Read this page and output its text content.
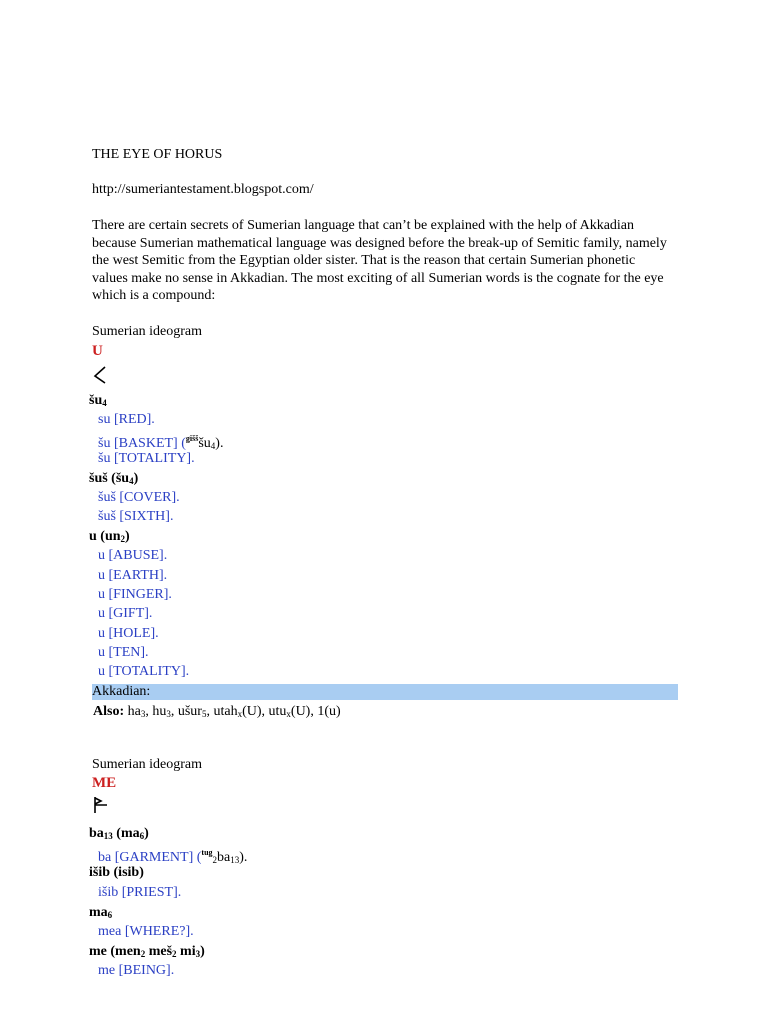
THE EYE OF HORUS
http://sumeriantestament.blogspot.com/
There are certain secrets of Sumerian language that can’t be explained with the help of Akkadian because Sumerian mathematical language was designed before the break-up of Semitic family, namely the west Semitic from the Egyptian older sister. That is the reason that certain Sumerian phonetic values make no sense in Akkadian. The most exciting of all Sumerian words is the cognate for the eye which is a compound:
Sumerian ideogram
U
$šu_4$
su [RED].
šu [BASKET] $(^{gišš}šu_4)$.
šu [TOTALITY].
šuš $(šu_4)$
šuš [COVER].
šuš [SIXTH].
u $(un_2)$
u [ABUSE].
u [EARTH].
u [FINGER].
u [GIFT].
u [HOLE].
u [TEN].
u [TOTALITY].
Akkadian:
Also: $ha_3$, $hu_3$, ušur$_5$, utah$_x$(U), utu$_x$(U), 1(u)
Sumerian ideogram
ME
$ba_{13}$ $(ma_6)$
ba [GARMENT] $(^{tug}_2ba_{13})$.
išib (isib)
išib [PRIEST].
$ma_6$
mea [WHERE?].
me (men$_2$ meš$_2$ $mi_3$)
me [BEING].
